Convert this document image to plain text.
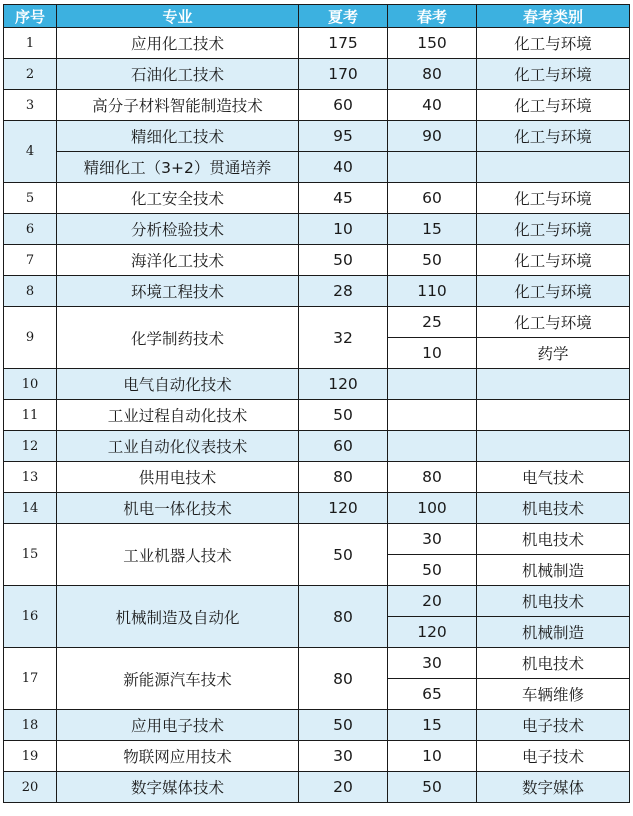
序号	专业	夏考	春考	春考类别
1	应用化工技术	175	150	化工与环境
2	石油化工技术	170	80	化工与环境
3	高分子材料智能制造技术	60	40	化工与环境
4	精细化工技术	95	90	化工与环境
	精细化工（3+2）贯通培养	40		
5	化工安全技术	45	60	化工与环境
6	分析检验技术	10	15	化工与环境
7	海洋化工技术	50	50	化工与环境
8	环境工程技术	28	110	化工与环境
9	化学制药技术	32	25	化工与环境
			10	药学
10	电气自动化技术	120		
11	工业过程自动化技术	50		
12	工业自动化仪表技术	60		
13	供用电技术	80	80	电气技术
14	机电一体化技术	120	100	机电技术
15	工业机器人技术	50	30	机电技术
			50	机械制造
16	机械制造及自动化	80	20	机电技术
			120	机械制造
17	新能源汽车技术	80	30	机电技术
			65	车辆维修
18	应用电子技术	50	15	电子技术
19	物联网应用技术	30	10	电子技术
20	数字媒体技术	20	50	数字媒体
